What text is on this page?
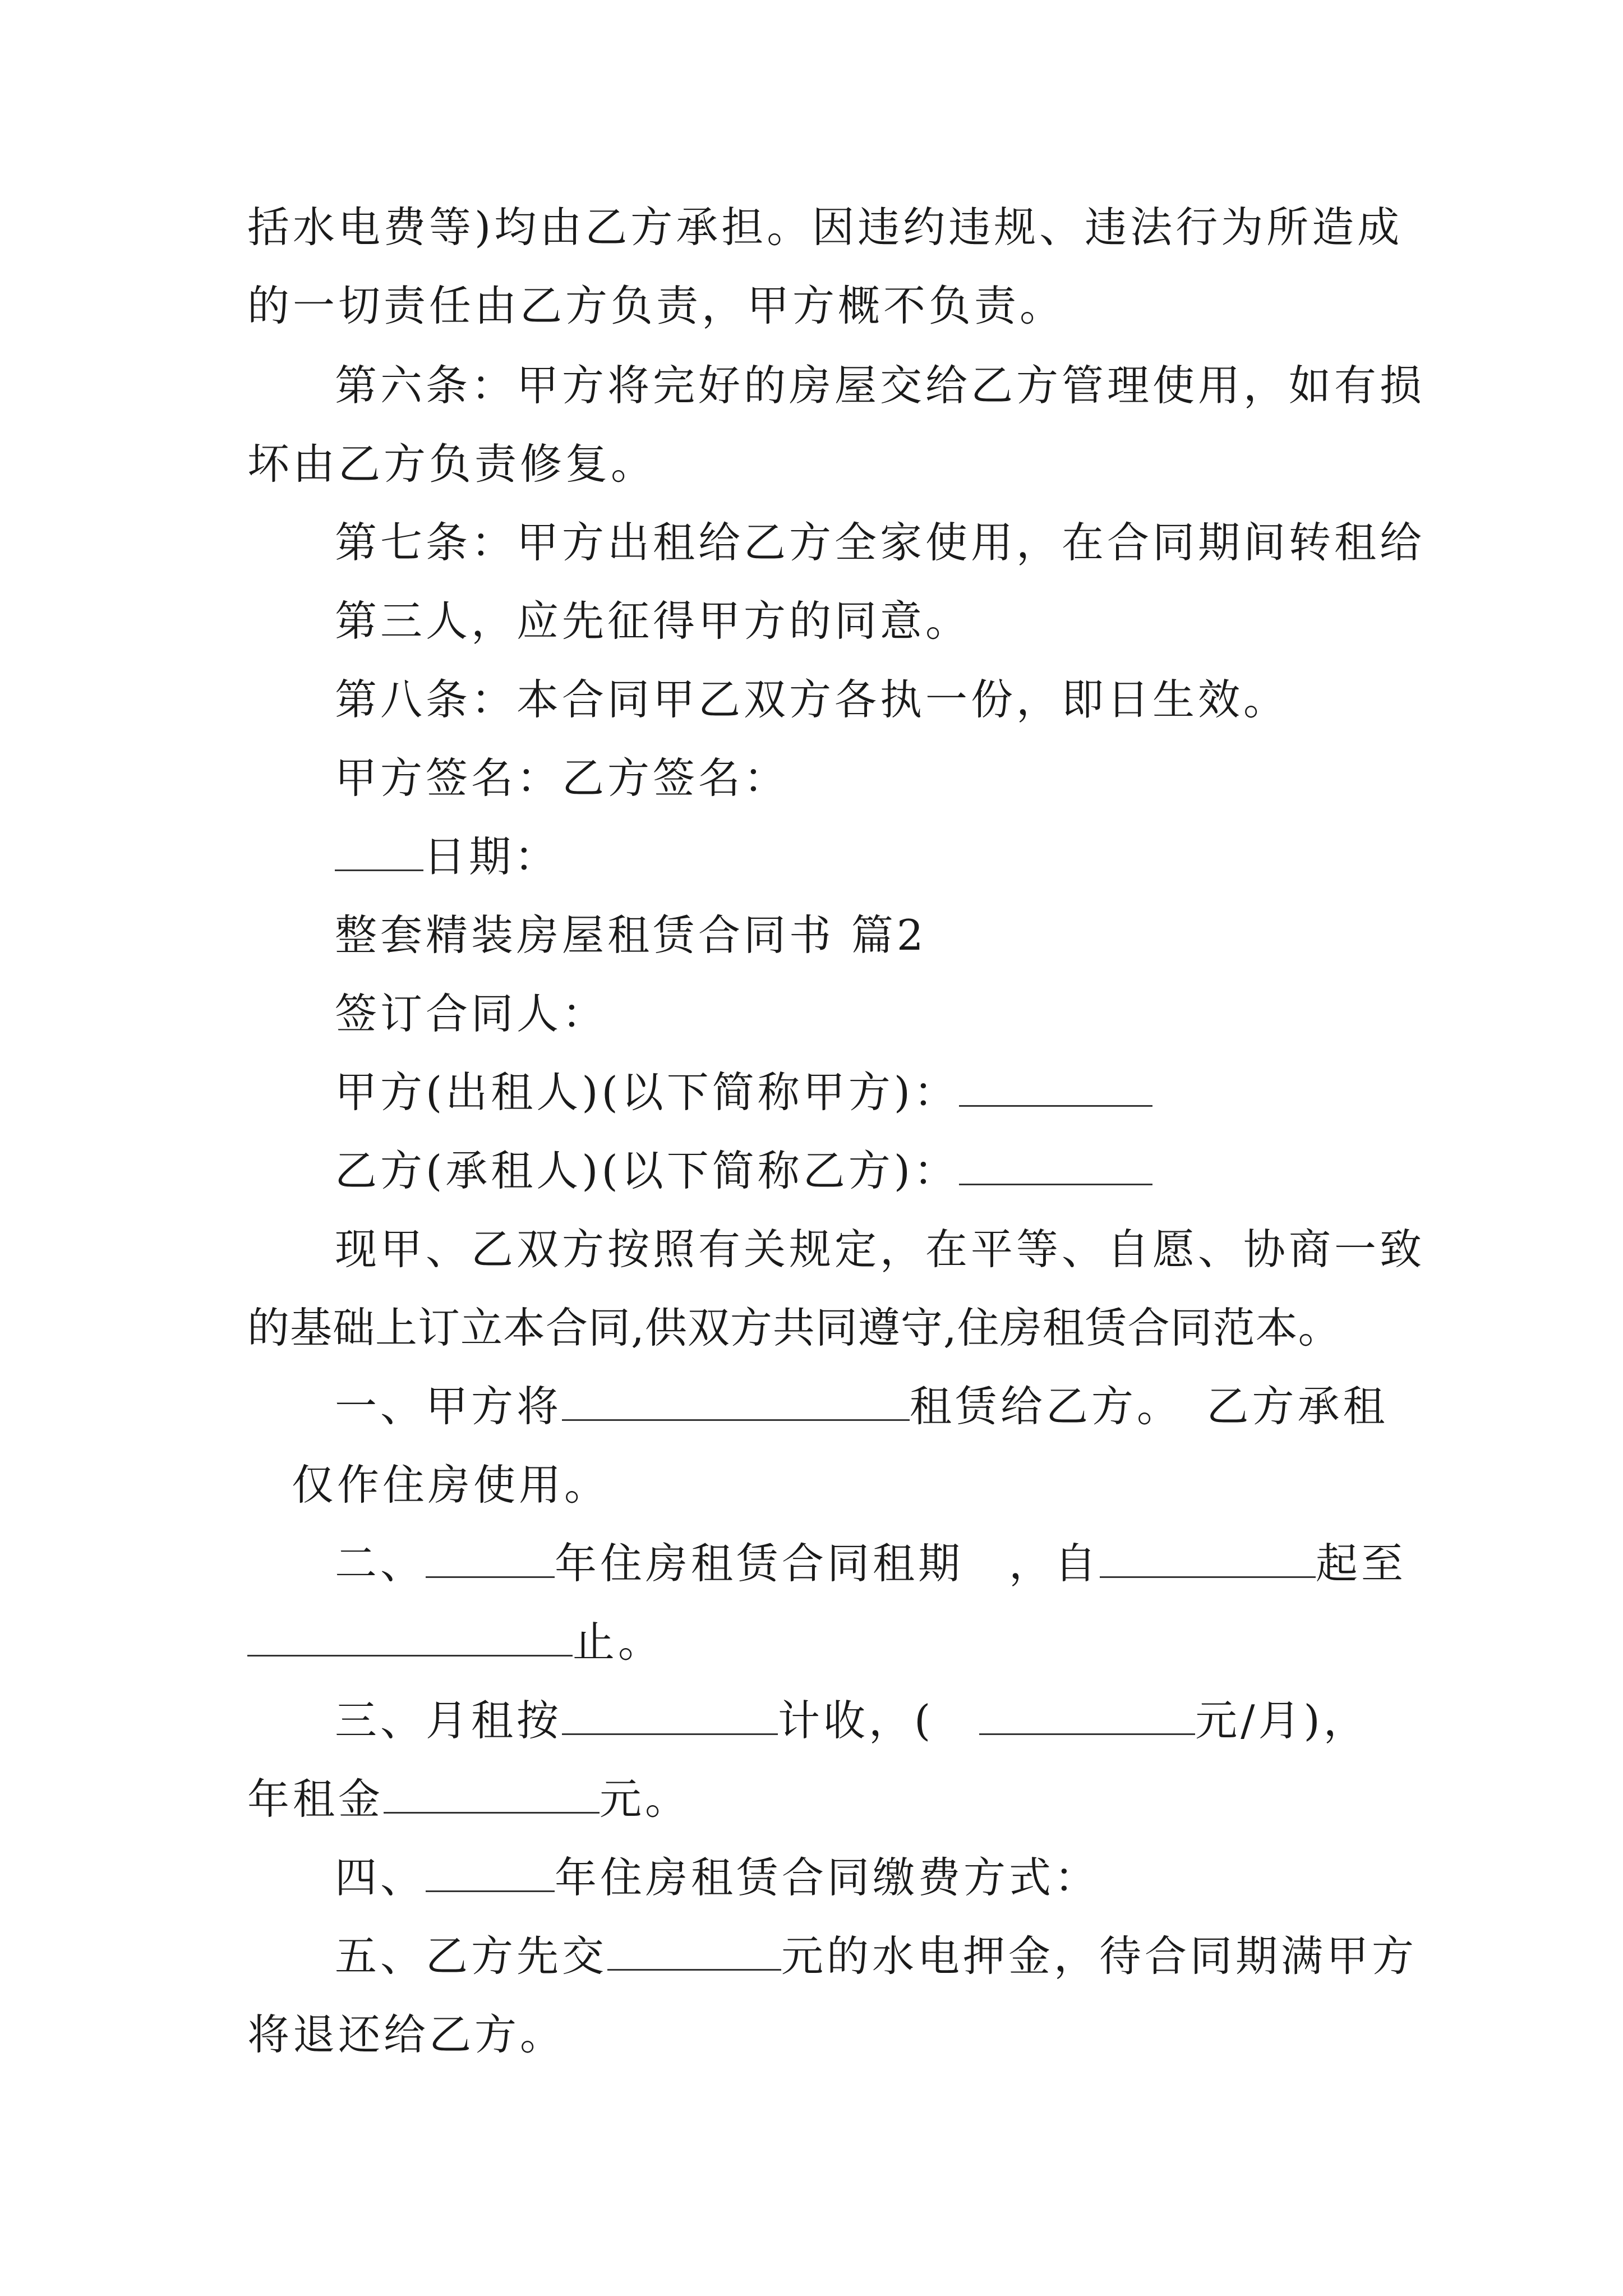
括水电费等)均由乙方承担。因违约违规、违法行为所造成
的一切责任由乙方负责，甲方概不负责。
第六条：甲方将完好的房屋交给乙方管理使用，如有损
坏由乙方负责修复。
第七条：甲方出租给乙方全家使用，在合同期间转租给
第三人，应先征得甲方的同意。
第八条：本合同甲乙双方各执一份，即日生效。
甲方签名：乙方签名：
日期：
整套精装房屋租赁合同书 篇2
签订合同人：
甲方(出租人)(以下简称甲方)：
乙方(承租人)(以下简称乙方)：
现甲、乙双方按照有关规定，在平等、自愿、协商一致
的基础上订立本合同,供双方共同遵守,住房租赁合同范本。
一、甲方将	租赁给乙方。　乙方承租
仅作住房使用。
二、	年住房租赁合同租期　，自	起至
止。
三、月租按	计收，(　	元/月)，
年租金	元。
四、	年住房租赁合同缴费方式：
五、乙方先交	元的水电押金，待合同期满甲方
将退还给乙方。
